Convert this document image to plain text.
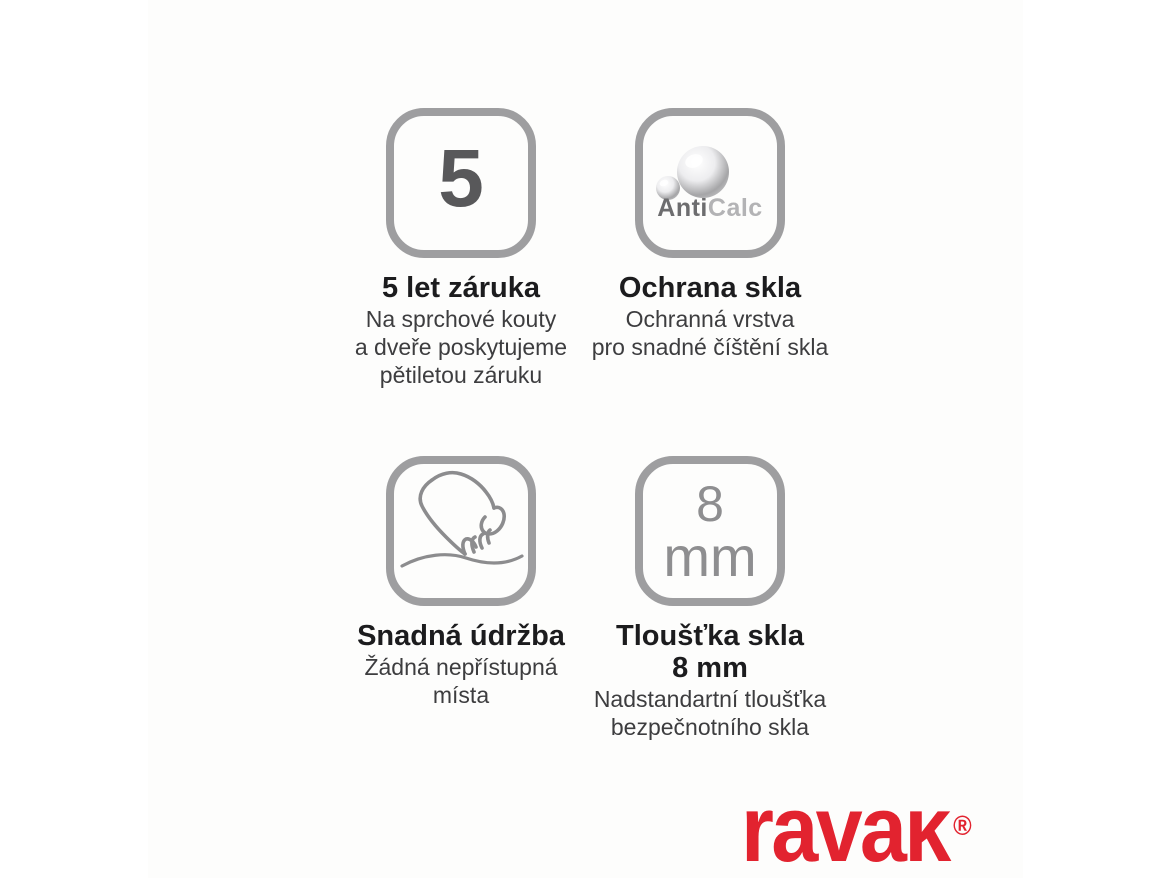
5
5 let záruka
Na sprchové kouty
a dveře poskytujeme
pětiletou záruku
AntiCalc
Ochrana skla
Ochranná vrstva
pro snadné číštění skla
Snadná údržba
Žádná nepřístupná
místa
8
mm
Tloušťka skla
8 mm
Nadstandartní tloušťka
bezpečnotního skla
ravaĸ ®
